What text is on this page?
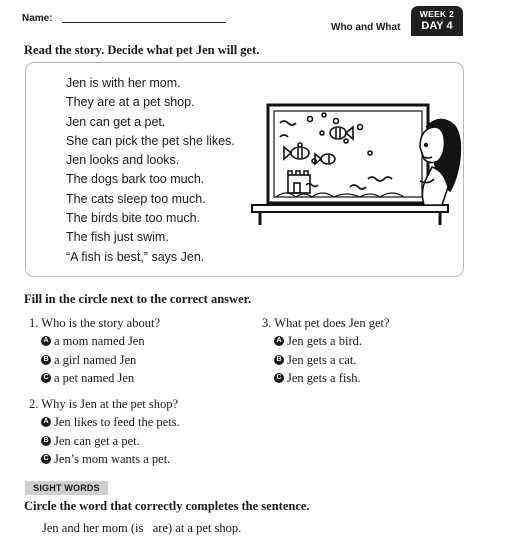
Name:
Who and What
WEEK 2
DAY 4
Read the story. Decide what pet Jen will get.
Jen is with her mom.
They are at a pet shop.
Jen can get a pet.
She can pick the pet she likes.
Jen looks and looks.
The dogs bark too much.
The cats sleep too much.
The birds bite too much.
The fish just swim.
“A fish is best,” says Jen.
Fill in the circle next to the correct answer.
1. Who is the story about?
A a mom named Jen
B a girl named Jen
C a pet named Jen
3. What pet does Jen get?
A Jen gets a bird.
B Jen gets a cat.
C Jen gets a fish.
2. Why is Jen at the pet shop?
A Jen likes to feed the pets.
B Jen can get a pet.
C Jen’s mom wants a pet.
SIGHT WORDS
Circle the word that correctly completes the sentence.
Jen and her mom (is   are) at a pet shop.
